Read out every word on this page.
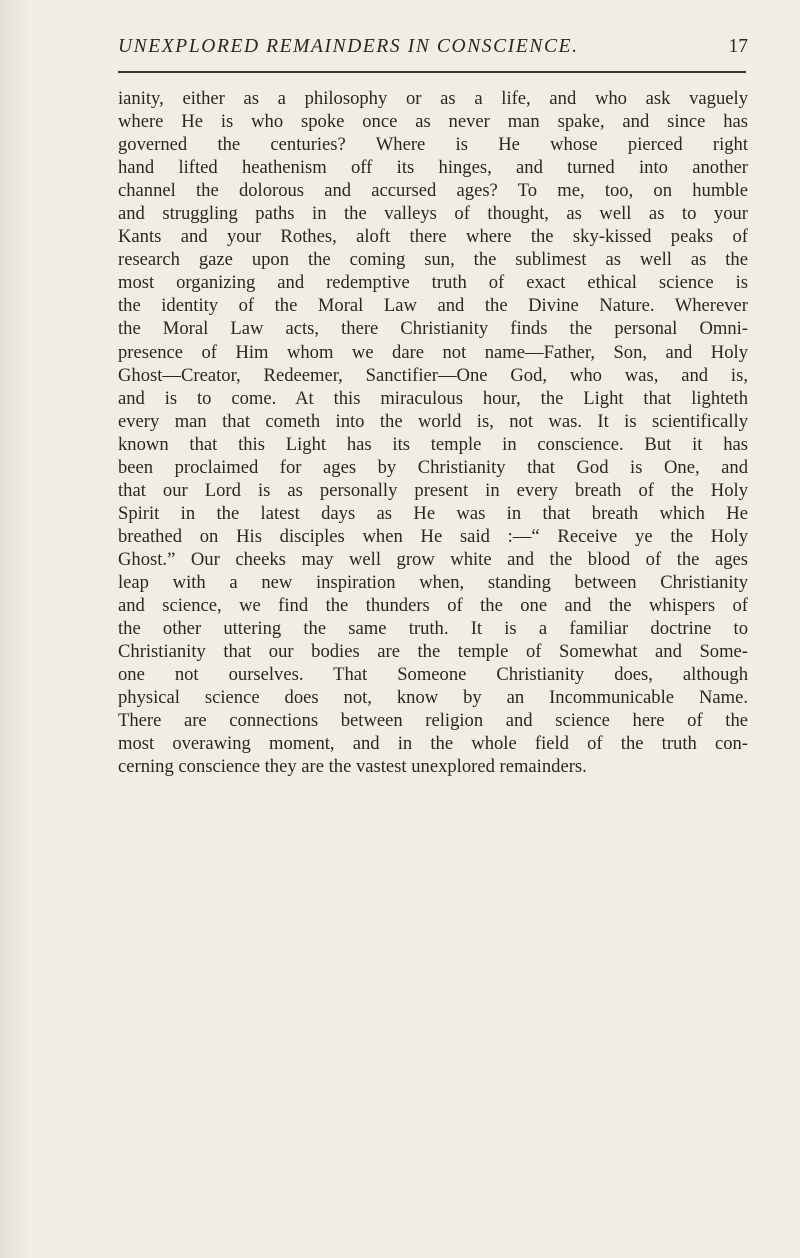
UNEXPLORED REMAINDERS IN CONSCIENCE.	17
ianity, either as a philosophy or as a life, and who ask vaguely
where He is who spoke once as never man spake, and since has
governed the centuries? Where is He whose pierced right
hand lifted heathenism off its hinges, and turned into another
channel the dolorous and accursed ages? To me, too, on humble
and struggling paths in the valleys of thought, as well as to your
Kants and your Rothes, aloft there where the sky-kissed peaks of
research gaze upon the coming sun, the sublimest as well as the
most organizing and redemptive truth of exact ethical science is
the identity of the Moral Law and the Divine Nature. Wherever
the Moral Law acts, there Christianity finds the personal Omni-
presence of Him whom we dare not name—Father, Son, and Holy
Ghost—Creator, Redeemer, Sanctifier—One God, who was, and is,
and is to come. At this miraculous hour, the Light that lighteth
every man that cometh into the world is, not was. It is scientifically
known that this Light has its temple in conscience. But it has
been proclaimed for ages by Christianity that God is One, and
that our Lord is as personally present in every breath of the Holy
Spirit in the latest days as He was in that breath which He
breathed on His disciples when He said :—“ Receive ye the Holy
Ghost.” Our cheeks may well grow white and the blood of the ages
leap with a new inspiration when, standing between Christianity
and science, we find the thunders of the one and the whispers of
the other uttering the same truth. It is a familiar doctrine to
Christianity that our bodies are the temple of Somewhat and Some-
one not ourselves. That Someone Christianity does, although
physical science does not, know by an Incommunicable Name.
There are connections between religion and science here of the
most overawing moment, and in the whole field of the truth con-
cerning conscience they are the vastest unexplored remainders.
